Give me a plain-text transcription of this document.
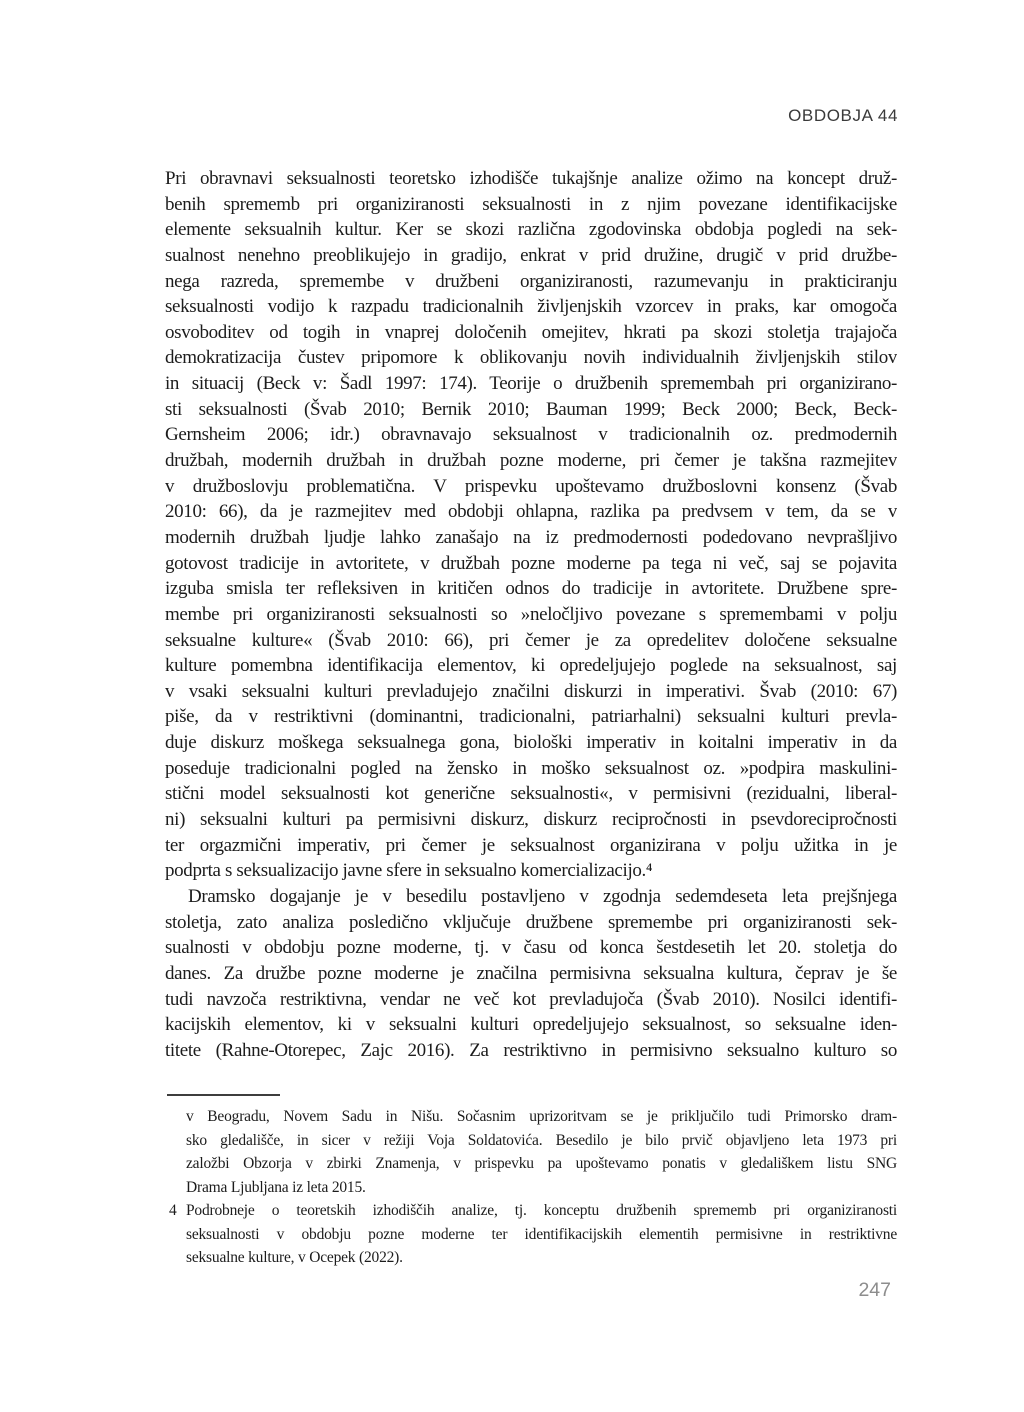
OBDOBJA 44
Pri obravnavi seksualnosti teoretsko izhodišče tukajšnje analize ožimo na koncept druž-
benih sprememb pri organiziranosti seksualnosti in z njim povezane identifikacijske
elemente seksualnih kultur. Ker se skozi različna zgodovinska obdobja pogledi na sek-
sualnost nenehno preoblikujejo in gradijo, enkrat v prid družine, drugič v prid družbe-
nega razreda, spremembe v družbeni organiziranosti, razumevanju in prakticiranju
seksualnosti vodijo k razpadu tradicionalnih življenjskih vzorcev in praks, kar omogoča
osvoboditev od togih in vnaprej določenih omejitev, hkrati pa skozi stoletja trajajoča
demokratizacija čustev pripomore k oblikovanju novih individualnih življenjskih stilov
in situacij (Beck v: Šadl 1997: 174). Teorije o družbenih spremembah pri organizirano-
sti seksualnosti (Švab 2010; Bernik 2010; Bauman 1999; Beck 2000; Beck, Beck-
Gernsheim 2006; idr.) obravnavajo seksualnost v tradicionalnih oz. predmodernih
družbah, modernih družbah in družbah pozne moderne, pri čemer je takšna razmejitev
v družboslovju problematična. V prispevku upoštevamo družboslovni konsenz (Švab
2010: 66), da je razmejitev med obdobji ohlapna, razlika pa predvsem v tem, da se v
modernih družbah ljudje lahko zanašajo na iz predmodernosti podedovano nevprašljivo
gotovost tradicije in avtoritete, v družbah pozne moderne pa tega ni več, saj se pojavita
izguba smisla ter refleksiven in kritičen odnos do tradicije in avtoritete. Družbene spre-
membe pri organiziranosti seksualnosti so »neločljivo povezane s spremembami v polju
seksualne kulture« (Švab 2010: 66), pri čemer je za opredelitev določene seksualne
kulture pomembna identifikacija elementov, ki opredeljujejo poglede na seksualnost, saj
v vsaki seksualni kulturi prevladujejo značilni diskurzi in imperativi. Švab (2010: 67)
piše, da v restriktivni (dominantni, tradicionalni, patriarhalni) seksualni kulturi prevla-
duje diskurz moškega seksualnega gona, biološki imperativ in koitalni imperativ in da
poseduje tradicionalni pogled na žensko in moško seksualnost oz. »podpira maskulini-
stični model seksualnosti kot generične seksualnosti«, v permisivni (rezidualni, liberal-
ni) seksualni kulturi pa permisivni diskurz, diskurz recipročnosti in psevdorecipročnosti
ter orgazmični imperativ, pri čemer je seksualnost organizirana v polju užitka in je
podprta s seksualizacijo javne sfere in seksualno komercializacijo.⁴
Dramsko dogajanje je v besedilu postavljeno v zgodnja sedemdeseta leta prejšnjega
stoletja, zato analiza posledično vključuje družbene spremembe pri organiziranosti sek-
sualnosti v obdobju pozne moderne, tj. v času od konca šestdesetih let 20. stoletja do
danes. Za družbe pozne moderne je značilna permisivna seksualna kultura, čeprav je še
tudi navzoča restriktivna, vendar ne več kot prevladujoča (Švab 2010). Nosilci identifi-
kacijskih elementov, ki v seksualni kulturi opredeljujejo seksualnost, so seksualne iden-
titete (Rahne-Otorepec, Zajc 2016). Za restriktivno in permisivno seksualno kulturo so
v Beogradu, Novem Sadu in Nišu. Sočasnim uprizoritvam se je priključilo tudi Primorsko dram-
sko gledališče, in sicer v režiji Voja Soldatovića. Besedilo je bilo prvič objavljeno leta 1973 pri
založbi Obzorja v zbirki Znamenja, v prispevku pa upoštevamo ponatis v gledališkem listu SNG
Drama Ljubljana iz leta 2015.
4 Podrobneje o teoretskih izhodiščih analize, tj. konceptu družbenih sprememb pri organiziranosti
seksualnosti v obdobju pozne moderne ter identifikacijskih elementih permisivne in restriktivne
seksualne kulture, v Ocepek (2022).
247
